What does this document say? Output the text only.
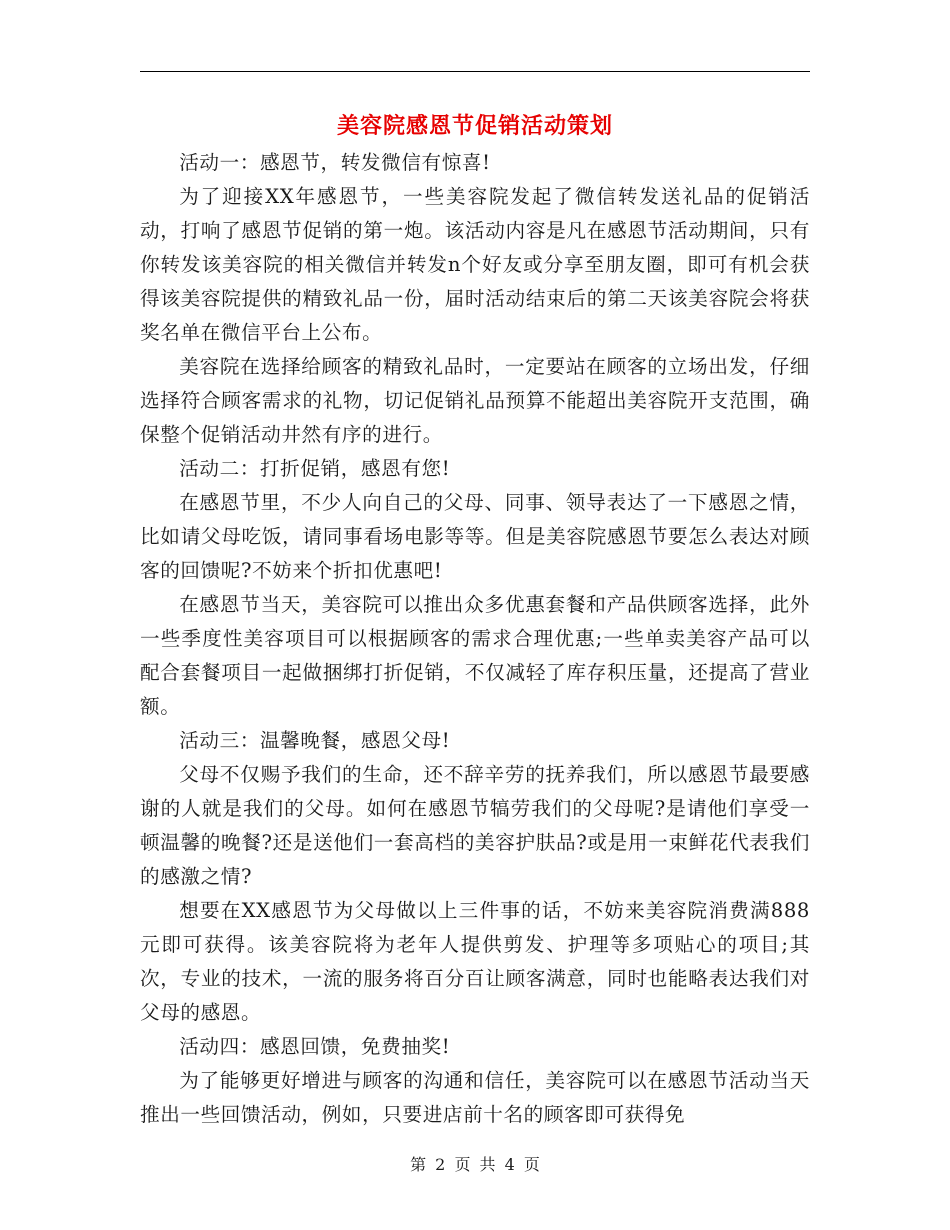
美容院感恩节促销活动策划

活动一：感恩节，转发微信有惊喜!

为了迎接XX年感恩节，一些美容院发起了微信转发送礼品的促销活动，打响了感恩节促销的第一炮。该活动内容是凡在感恩节活动期间，只有你转发该美容院的相关微信并转发n个好友或分享至朋友圈，即可有机会获得该美容院提供的精致礼品一份，届时活动结束后的第二天该美容院会将获奖名单在微信平台上公布。

美容院在选择给顾客的精致礼品时，一定要站在顾客的立场出发，仔细选择符合顾客需求的礼物，切记促销礼品预算不能超出美容院开支范围，确保整个促销活动井然有序的进行。

活动二：打折促销，感恩有您!

在感恩节里，不少人向自己的父母、同事、领导表达了一下感恩之情，比如请父母吃饭，请同事看场电影等等。但是美容院感恩节要怎么表达对顾客的回馈呢?不妨来个折扣优惠吧!

在感恩节当天，美容院可以推出众多优惠套餐和产品供顾客选择，此外一些季度性美容项目可以根据顾客的需求合理优惠;一些单卖美容产品可以配合套餐项目一起做捆绑打折促销，不仅减轻了库存积压量，还提高了营业额。

活动三：温馨晚餐，感恩父母!

父母不仅赐予我们的生命，还不辞辛劳的抚养我们，所以感恩节最要感谢的人就是我们的父母。如何在感恩节犒劳我们的父母呢?是请他们享受一顿温馨的晚餐?还是送他们一套高档的美容护肤品?或是用一束鲜花代表我们的感激之情?

想要在XX感恩节为父母做以上三件事的话，不妨来美容院消费满888元即可获得。该美容院将为老年人提供剪发、护理等多项贴心的项目;其次，专业的技术，一流的服务将百分百让顾客满意，同时也能略表达我们对父母的感恩。

活动四：感恩回馈，免费抽奖!

为了能够更好增进与顾客的沟通和信任，美容院可以在感恩节活动当天推出一些回馈活动，例如，只要进店前十名的顾客即可获得免

第 2 页 共 4 页
